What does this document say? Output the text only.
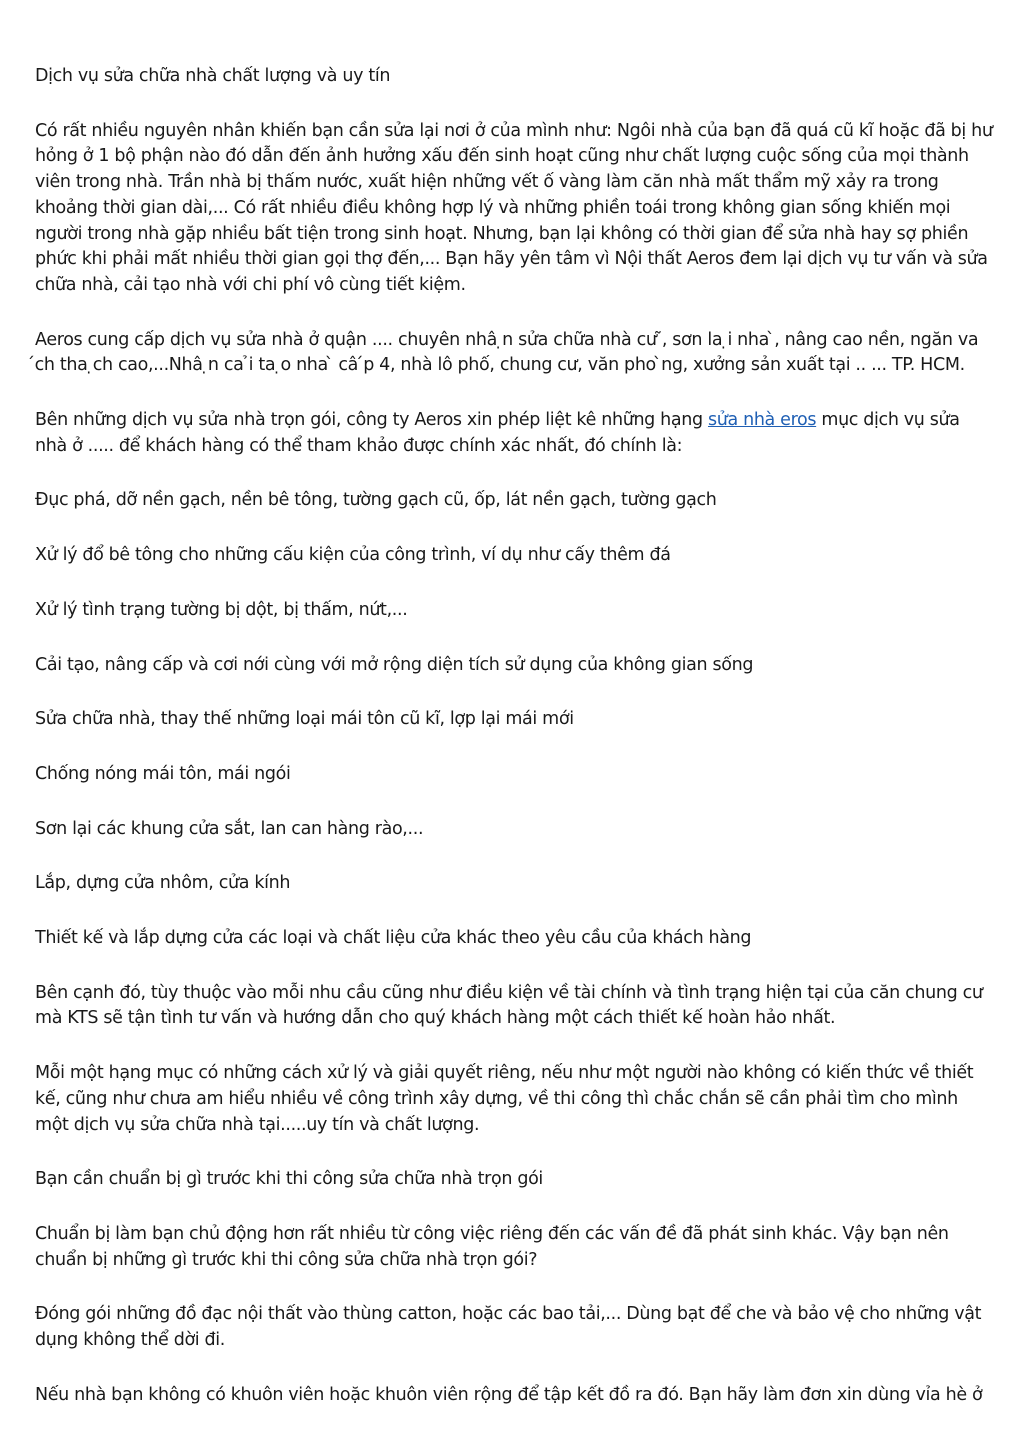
Dịch vụ sửa chữa nhà chất lượng và uy tín

Có rất nhiều nguyên nhân khiến bạn cần sửa lại nơi ở của mình như: Ngôi nhà của bạn đã quá cũ kĩ hoặc đã bị hư hỏng ở 1 bộ phận nào đó dẫn đến ảnh hưởng xấu đến sinh hoạt cũng như chất lượng cuộc sống của mọi thành viên trong nhà. Trần nhà bị thấm nước, xuất hiện những vết ố vàng làm căn nhà mất thẩm mỹ xảy ra trong khoảng thời gian dài,... Có rất nhiều điều không hợp lý và những phiền toái trong không gian sống khiến mọi người trong nhà gặp nhiều bất tiện trong sinh hoạt. Nhưng, bạn lại không có thời gian để sửa nhà hay sợ phiền phức khi phải mất nhiều thời gian gọi thợ đến,... Bạn hãy yên tâm vì Nội thất Aeros đem lại dịch vụ tư vấn và sửa chữa nhà, cải tạo nhà với chi phí vô cùng tiết kiệm.

Aeros cung cấp dịch vụ sửa nhà ở quận .... chuyên nhâ ̣n sửa chữa nhà cư ̃, sơn la ̣i nha ̀, nâng cao nền, ngăn va ́ch tha ̣ch cao,...Nhâ ̣n ca ̉i ta ̣o nha ̀ câ ́p 4, nhà lô phố, chung cư, văn pho ̀ng, xưởng sản xuất tại .. ... TP. HCM.

Bên những dịch vụ sửa nhà trọn gói, công ty Aeros xin phép liệt kê những hạng sửa nhà eros mục dịch vụ sửa nhà ở ..... để khách hàng có thể tham khảo được chính xác nhất, đó chính là:

Đục phá, dỡ nền gạch, nền bê tông, tường gạch cũ, ốp, lát nền gạch, tường gạch

Xử lý đổ bê tông cho những cấu kiện của công trình, ví dụ như cấy thêm đá

Xử lý tình trạng tường bị dột, bị thấm, nứt,...

Cải tạo, nâng cấp và cơi nới cùng với mở rộng diện tích sử dụng của không gian sống

Sửa chữa nhà, thay thế những loại mái tôn cũ kĩ, lợp lại mái mới

Chống nóng mái tôn, mái ngói

Sơn lại các khung cửa sắt, lan can hàng rào,...

Lắp, dựng cửa nhôm, cửa kính

Thiết kế và lắp dựng cửa các loại và chất liệu cửa khác theo yêu cầu của khách hàng

Bên cạnh đó, tùy thuộc vào mỗi nhu cầu cũng như điều kiện về tài chính và tình trạng hiện tại của căn chung cư mà KTS sẽ tận tình tư vấn và hướng dẫn cho quý khách hàng một cách thiết kế hoàn hảo nhất.

Mỗi một hạng mục có những cách xử lý và giải quyết riêng, nếu như một người nào không có kiến thức về thiết kế, cũng như chưa am hiểu nhiều về công trình xây dựng, về thi công thì chắc chắn sẽ cần phải tìm cho mình một dịch vụ sửa chữa nhà tại.....uy tín và chất lượng.

Bạn cần chuẩn bị gì trước khi thi công sửa chữa nhà trọn gói

Chuẩn bị làm bạn chủ động hơn rất nhiều từ công việc riêng đến các vấn đề đã phát sinh khác. Vậy bạn nên chuẩn bị những gì trước khi thi công sửa chữa nhà trọn gói?

Đóng gói những đồ đạc nội thất vào thùng catton, hoặc các bao tải,... Dùng bạt để che và bảo vệ cho những vật dụng không thể dời đi.

Nếu nhà bạn không có khuôn viên hoặc khuôn viên rộng để tập kết đồ ra đó. Bạn hãy làm đơn xin dùng vỉa hè ở
